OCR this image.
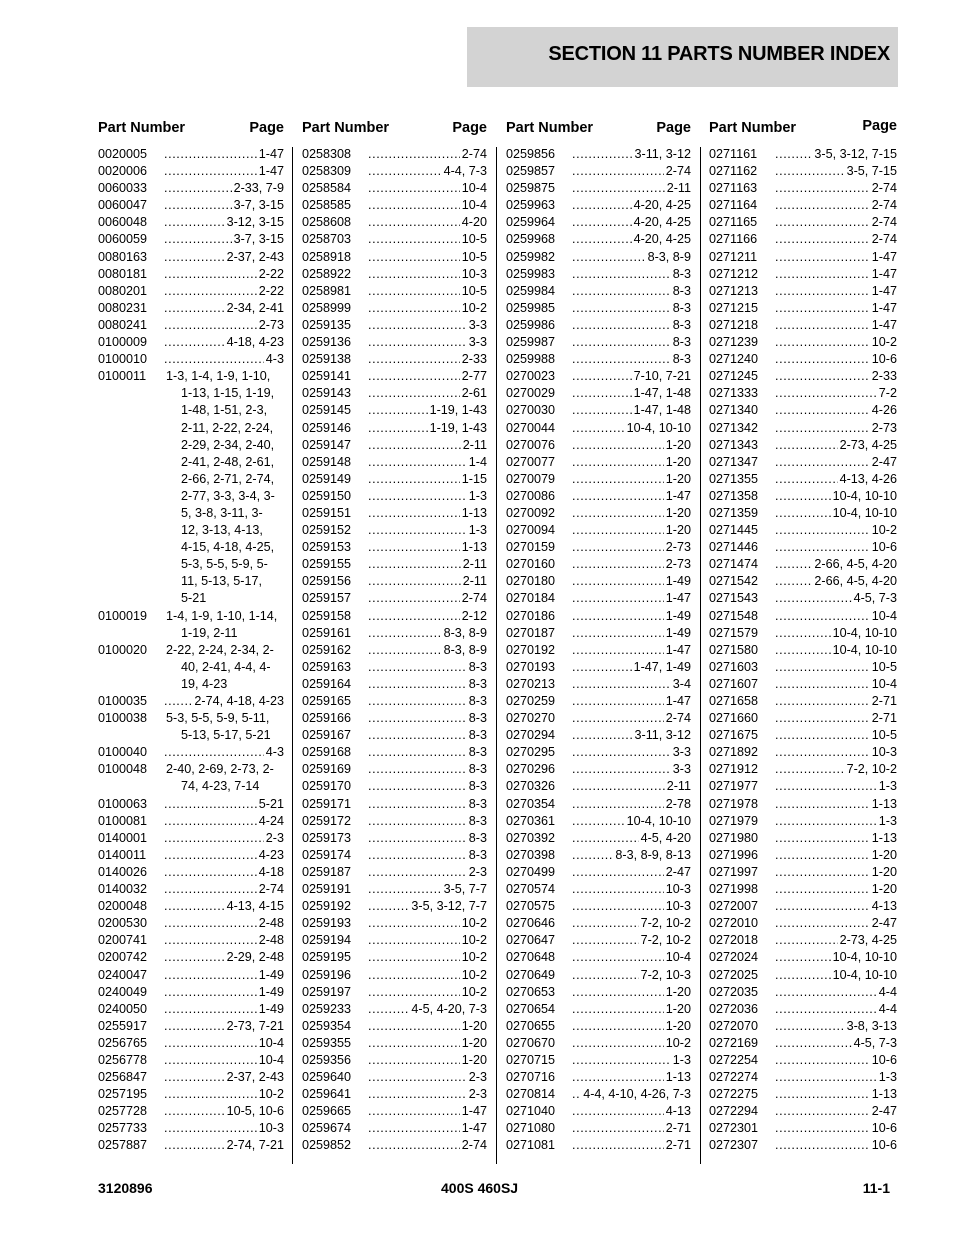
SECTION 11 PARTS NUMBER INDEX
Part Number	Page
0020005 .....	1-47
0020006 .....	1-47
0060033 .....	2-33, 7-9
0060047 .....	3-7, 3-15
0060048 .....	3-12, 3-15
0060059 .....	3-7, 3-15
0080163 .....	2-37, 2-43
0080181 .....	2-22
0080201 .....	2-22
0080231 .....	2-34, 2-41
0080241 .....	2-73
0100009 .....	4-18, 4-23
0100010 .....	4-3
0100011	1-3, 1-4, 1-9, 1-10,
1-13, 1-15, 1-19,
1-48, 1-51, 2-3,
2-11, 2-22, 2-24,
2-29, 2-34, 2-40,
2-41, 2-48, 2-61,
2-66, 2-71, 2-74,
2-77, 3-3, 3-4, 3-
5, 3-8, 3-11, 3-
12, 3-13, 4-13,
4-15, 4-18, 4-25,
5-3, 5-5, 5-9, 5-
11, 5-13, 5-17,
5-21
0100019	1-4, 1-9, 1-10, 1-14,
1-19, 2-11
0100020	2-22, 2-24, 2-34, 2-
40, 2-41, 4-4, 4-
19, 4-23
0100035 .....	2-74, 4-18, 4-23
0100038	5-3, 5-5, 5-9, 5-11,
5-13, 5-17, 5-21
0100040 .....	4-3
0100048	2-40, 2-69, 2-73, 2-
74, 4-23, 7-14
0100063 .....	5-21
0100081 .....	4-24
0140001 .....	2-3
0140011 .....	4-23
0140026 .....	4-18
0140032 .....	2-74
0200048 .....	4-13, 4-15
0200530 .....	2-48
0200741 .....	2-48
0200742 .....	2-29, 2-48
0240047 .....	1-49
0240049 .....	1-49
0240050 .....	1-49
0255917 .....	2-73, 7-21
0256765 .....	10-4
0256778 .....	10-4
0256847 .....	2-37, 2-43
0257195 .....	10-2
0257728 .....	10-5, 10-6
0257733 .....	10-3
0257887 .....	2-74, 7-21
Part Number	Page
0258308 .....	2-74
0258309 .....	4-4, 7-3
0258584 .....	10-4
0258585 .....	10-4
0258608 .....	4-20
0258703 .....	10-5
0258918 .....	10-5
0258922 .....	10-3
0258981 .....	10-5
0258999 .....	10-2
0259135 .....	3-3
0259136 .....	3-3
0259138 .....	2-33
0259141 .....	2-77
0259143 .....	2-61
0259145 .....	1-19, 1-43
0259146 .....	1-19, 1-43
0259147 .....	2-11
0259148 .....	1-4
0259149 .....	1-15
0259150 .....	1-3
0259151 .....	1-13
0259152 .....	1-3
0259153 .....	1-13
0259155 .....	2-11
0259156 .....	2-11
0259157 .....	2-74
0259158 .....	2-12
0259161 .....	8-3, 8-9
0259162 .....	8-3, 8-9
0259163 .....	8-3
0259164 .....	8-3
0259165 .....	8-3
0259166 .....	8-3
0259167 .....	8-3
0259168 .....	8-3
0259169 .....	8-3
0259170 .....	8-3
0259171 .....	8-3
0259172 .....	8-3
0259173 .....	8-3
0259174 .....	8-3
0259187 .....	2-3
0259191 .....	3-5, 7-7
0259192 .....	3-5, 3-12, 7-7
0259193 .....	10-2
0259194 .....	10-2
0259195 .....	10-2
0259196 .....	10-2
0259197 .....	10-2
0259233 .....	4-5, 4-20, 7-3
0259354 .....	1-20
0259355 .....	1-20
0259356 .....	1-20
0259640 .....	2-3
0259641 .....	2-3
0259665 .....	1-47
0259674 .....	1-47
0259852 .....	2-74
Part Number	Page
0259856 .....	3-11, 3-12
0259857 .....	2-74
0259875 .....	2-11
0259963 .....	4-20, 4-25
0259964 .....	4-20, 4-25
0259968 .....	4-20, 4-25
0259982 .....	8-3, 8-9
0259983 .....	8-3
0259984 .....	8-3
0259985 .....	8-3
0259986 .....	8-3
0259987 .....	8-3
0259988 .....	8-3
0270023 .....	7-10, 7-21
0270029 .....	1-47, 1-48
0270030 .....	1-47, 1-48
0270044 .....	10-4, 10-10
0270076 .....	1-20
0270077 .....	1-20
0270079 .....	1-20
0270086 .....	1-47
0270092 .....	1-20
0270094 .....	1-20
0270159 .....	2-73
0270160 .....	2-73
0270180 .....	1-49
0270184 .....	1-47
0270186 .....	1-49
0270187 .....	1-49
0270192 .....	1-47
0270193 .....	1-47, 1-49
0270213 .....	3-4
0270259 .....	1-47
0270270 .....	2-74
0270294 .....	3-11, 3-12
0270295 .....	3-3
0270296 .....	3-3
0270326 .....	2-11
0270354 .....	2-78
0270361 .....	10-4, 10-10
0270392 .....	4-5, 4-20
0270398 .....	8-3, 8-9, 8-13
0270499 .....	2-47
0270574 .....	10-3
0270575 .....	10-3
0270646 .....	7-2, 10-2
0270647 .....	7-2, 10-2
0270648 .....	10-4
0270649 .....	7-2, 10-3
0270653 .....	1-20
0270654 .....	1-20
0270655 .....	1-20
0270670 .....	10-2
0270715 .....	1-3
0270716 .....	1-13
0270814 .....	4-4, 4-10, 4-26, 7-3
0271040 .....	4-13
0271080 .....	2-71
0271081 .....	2-71
Part Number	Page
0271161 .....	3-5, 3-12, 7-15
0271162 .....	3-5, 7-15
0271163 .....	2-74
0271164 .....	2-74
0271165 .....	2-74
0271166 .....	2-74
0271211 .....	1-47
0271212 .....	1-47
0271213 .....	1-47
0271215 .....	1-47
0271218 .....	1-47
0271239 .....	10-2
0271240 .....	10-6
0271245 .....	2-33
0271333 .....	7-2
0271340 .....	4-26
0271342 .....	2-73
0271343 .....	2-73, 4-25
0271347 .....	2-47
0271355 .....	4-13, 4-26
0271358 .....	10-4, 10-10
0271359 .....	10-4, 10-10
0271445 .....	10-2
0271446 .....	10-6
0271474 .....	2-66, 4-5, 4-20
0271542 .....	2-66, 4-5, 4-20
0271543 .....	4-5, 7-3
0271548 .....	10-4
0271579 .....	10-4, 10-10
0271580 .....	10-4, 10-10
0271603 .....	10-5
0271607 .....	10-4
0271658 .....	2-71
0271660 .....	2-71
0271675 .....	10-5
0271892 .....	10-3
0271912 .....	7-2, 10-2
0271977 .....	1-3
0271978 .....	1-13
0271979 .....	1-3
0271980 .....	1-13
0271996 .....	1-20
0271997 .....	1-20
0271998 .....	1-20
0272007 .....	4-13
0272010 .....	2-47
0272018 .....	2-73, 4-25
0272024 .....	10-4, 10-10
0272025 .....	10-4, 10-10
0272035 .....	4-4
0272036 .....	4-4
0272070 .....	3-8, 3-13
0272169 .....	4-5, 7-3
0272254 .....	10-6
0272274 .....	1-3
0272275 .....	1-13
0272294 .....	2-47
0272301 .....	10-6
0272307 .....	10-6
3120896	400S 460SJ	11-1
